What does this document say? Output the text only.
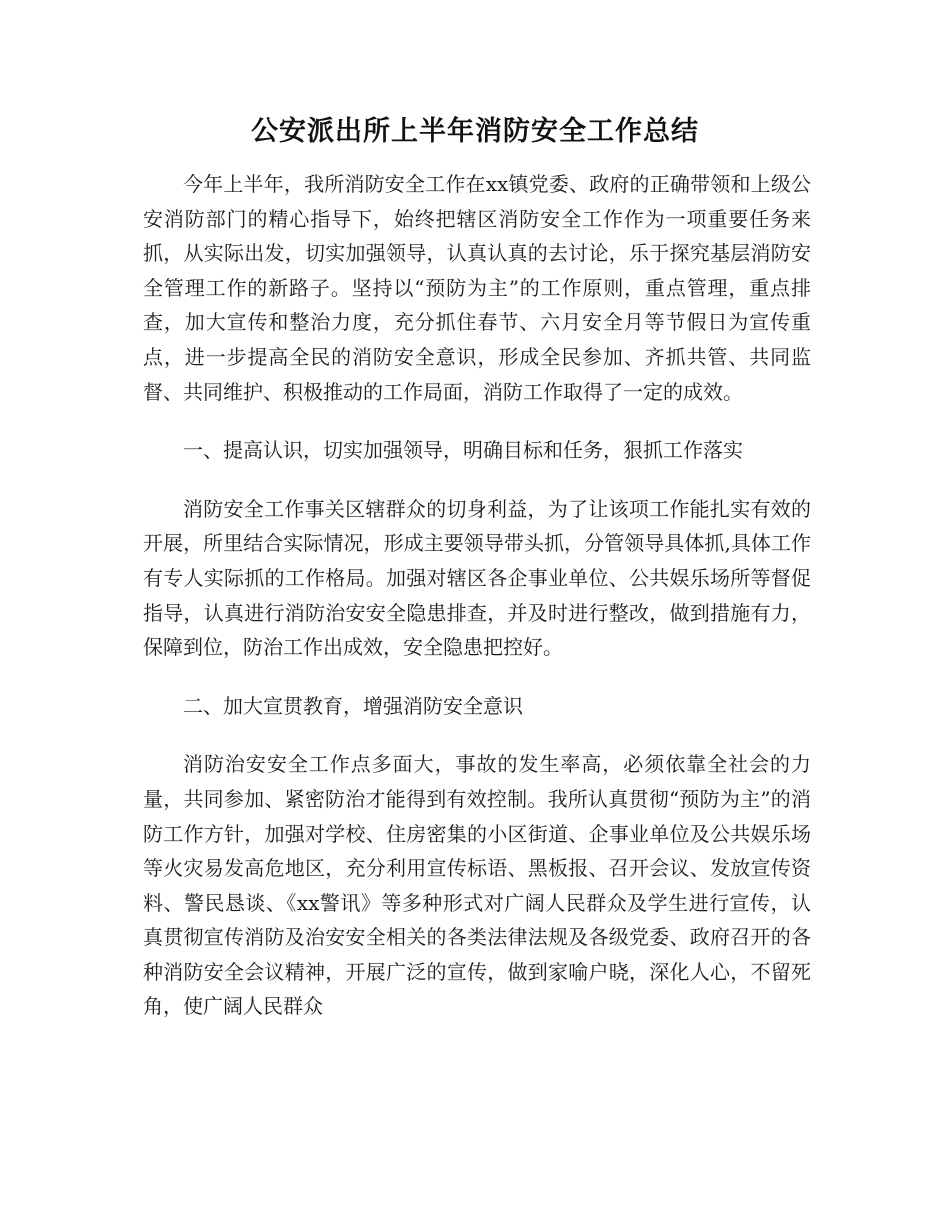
公安派出所上半年消防安全工作总结

今年上半年，我所消防安全工作在xx镇党委、政府的正确带领和上级公安消防部门的精心指导下，始终把辖区消防安全工作作为一项重要任务来抓，从实际出发，切实加强领导，认真认真的去讨论，乐于探究基层消防安全管理工作的新路子。坚持以“预防为主”的工作原则，重点管理，重点排查，加大宣传和整治力度，充分抓住春节、六月安全月等节假日为宣传重点，进一步提高全民的消防安全意识，形成全民参加、齐抓共管、共同监督、共同维护、积极推动的工作局面，消防工作取得了一定的成效。

一、提高认识，切实加强领导，明确目标和任务，狠抓工作落实

消防安全工作事关区辖群众的切身利益，为了让该项工作能扎实有效的开展，所里结合实际情况，形成主要领导带头抓，分管领导具体抓,具体工作有专人实际抓的工作格局。加强对辖区各企事业单位、公共娱乐场所等督促指导，认真进行消防治安安全隐患排查，并及时进行整改，做到措施有力，保障到位，防治工作出成效，安全隐患把控好。

二、加大宣贯教育，增强消防安全意识

消防治安安全工作点多面大，事故的发生率高，必须依靠全社会的力量，共同参加、紧密防治才能得到有效控制。我所认真贯彻“预防为主”的消防工作方针，加强对学校、住房密集的小区街道、企事业单位及公共娱乐场等火灾易发高危地区，充分利用宣传标语、黑板报、召开会议、发放宣传资料、警民恳谈、《xx警讯》等多种形式对广阔人民群众及学生进行宣传，认真贯彻宣传消防及治安安全相关的各类法律法规及各级党委、政府召开的各种消防安全会议精神，开展广泛的宣传，做到家喻户晓，深化人心，不留死角，使广阔人民群众
